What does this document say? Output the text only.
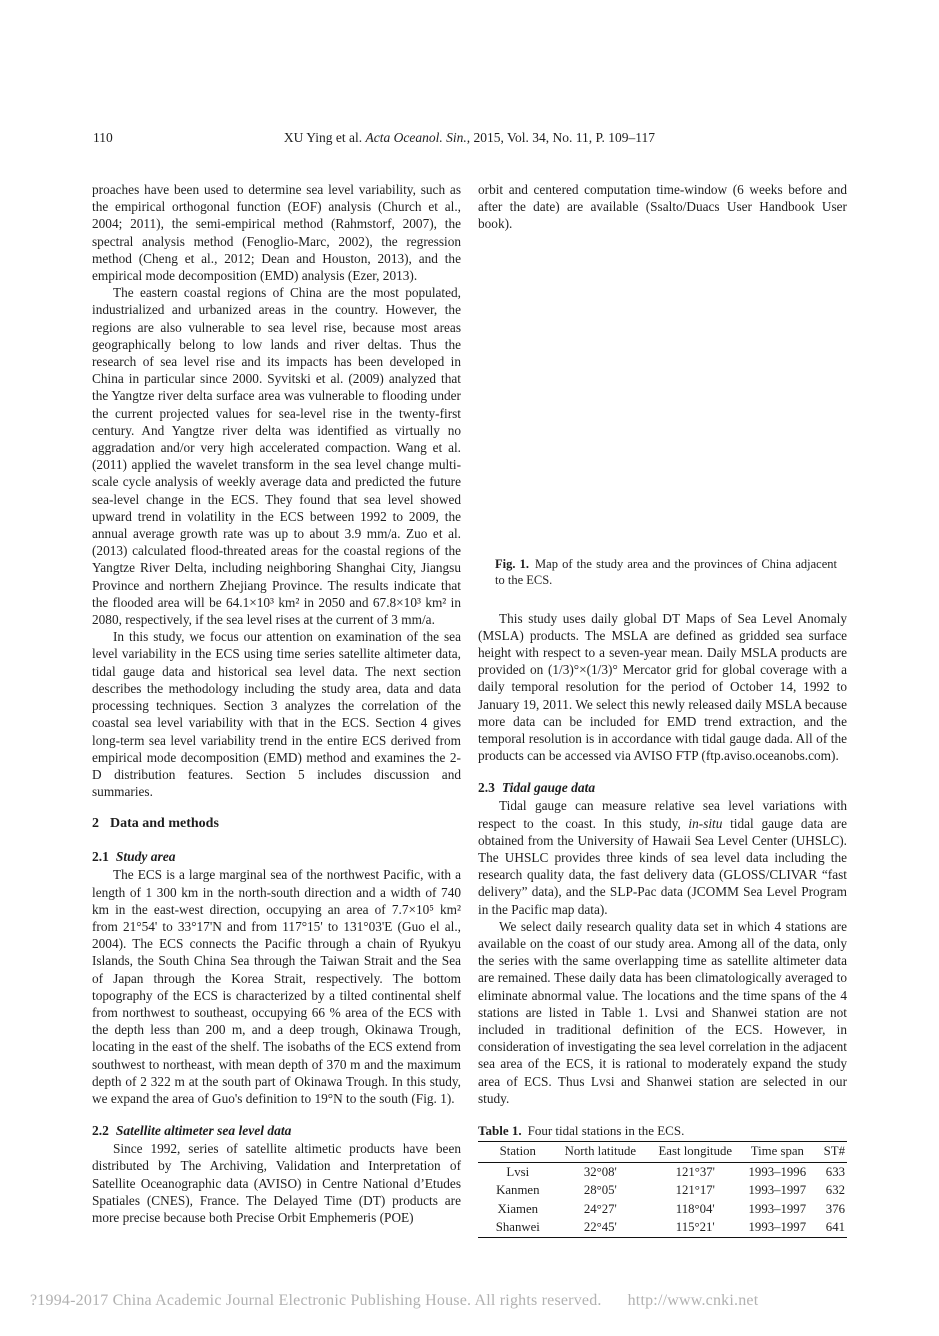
110	XU Ying et al. Acta Oceanol. Sin., 2015, Vol. 34, No. 11, P. 109–117

proaches have been used to determine sea level variability, such as the empirical orthogonal function (EOF) analysis (Church et al., 2004; 2011), the semi-empirical method (Rahmstorf, 2007), the spectral analysis method (Fenoglio-Marc, 2002), the regression method (Cheng et al., 2012; Dean and Houston, 2013), and the empirical mode decomposition (EMD) analysis (Ezer, 2013).

The eastern coastal regions of China are the most populated, industrialized and urbanized areas in the country. However, the regions are also vulnerable to sea level rise, because most areas geographically belong to low lands and river deltas. Thus the research of sea level rise and its impacts has been developed in China in particular since 2000. Syvitski et al. (2009) analyzed that the Yangtze river delta surface area was vulnerable to flooding under the current projected values for sea-level rise in the twenty-first century. And Yangtze river delta was identified as virtually no aggradation and/or very high accelerated compaction. Wang et al. (2011) applied the wavelet transform in the sea level change multi-scale cycle analysis of weekly average data and predicted the future sea-level change in the ECS. They found that sea level showed upward trend in volatility in the ECS between 1992 to 2009, the annual average growth rate was up to about 3.9 mm/a. Zuo et al. (2013) calculated flood-threated areas for the coastal regions of the Yangtze River Delta, including neighboring Shanghai City, Jiangsu Province and northern Zhejiang Province. The results indicate that the flooded area will be 64.1×10³ km² in 2050 and 67.8×10³ km² in 2080, respectively, if the sea level rises at the current of 3 mm/a.

In this study, we focus our attention on examination of the sea level variability in the ECS using time series satellite altimeter data, tidal gauge data and historical sea level data. The next section describes the methodology including the study area, data and data processing techniques. Section 3 analyzes the correlation of the coastal sea level variability with that in the ECS. Section 4 gives long-term sea level variability trend in the entire ECS derived from empirical mode decomposition (EMD) method and examines the 2-D distribution features. Section 5 includes discussion and summaries.

2 Data and methods
2.1 Study area

The ECS is a large marginal sea of the northwest Pacific, with a length of 1 300 km in the north-south direction and a width of 740 km in the east-west direction, occupying an area of 7.7×10⁵ km² from 21°54' to 33°17'N and from 117°15' to 131°03'E (Guo el al., 2004). The ECS connects the Pacific through a chain of Ryukyu Islands, the South China Sea through the Taiwan Strait and the Sea of Japan through the Korea Strait, respectively. The bottom topography of the ECS is characterized by a tilted continental shelf from northwest to southeast, occupying 66 % area of the ECS with the depth less than 200 m, and a deep trough, Okinawa Trough, locating in the east of the shelf. The isobaths of the ECS extend from southwest to northeast, with mean depth of 370 m and the maximum depth of 2 322 m at the south part of Okinawa Trough. In this study, we expand the area of Guo's definition to 19°N to the south (Fig. 1).

2.2 Satellite altimeter sea level data

Since 1992, series of satellite altimetic products have been distributed by The Archiving, Validation and Interpretation of Satellite Oceanographic data (AVISO) in Centre National d’Etudes Spatiales (CNES), France. The Delayed Time (DT) products are more precise because both Precise Orbit Emphemeris (POE)

orbit and centered computation time-window (6 weeks before and after the date) are available (Ssalto/Duacs User Handbook User book).

Fig. 1. Map of the study area and the provinces of China adjacent to the ECS.

This study uses daily global DT Maps of Sea Level Anomaly (MSLA) products. The MSLA are defined as gridded sea surface height with respect to a seven-year mean. Daily MSLA products are provided on (1/3)°×(1/3)° Mercator grid for global coverage with a daily temporal resolution for the period of October 14, 1992 to January 19, 2011. We select this newly released daily MSLA because more data can be included for EMD trend extraction, and the temporal resolution is in accordance with tidal gauge dada. All of the products can be accessed via AVISO FTP (ftp.aviso.oceanobs.com).

2.3 Tidal gauge data

Tidal gauge can measure relative sea level variations with respect to the coast. In this study, in-situ tidal gauge data are obtained from the University of Hawaii Sea Level Center (UHSLC). The UHSLC provides three kinds of sea level data including the research quality data, the fast delivery data (GLOSS/CLIVAR “fast delivery” data), and the SLP-Pac data (JCOMM Sea Level Program in the Pacific map data).

We select daily research quality data set in which 4 stations are available on the coast of our study area. Among all of the data, only the series with the same overlapping time as satellite altimeter data are remained. These daily data has been climatologically averaged to eliminate abnormal value. The locations and the time spans of the 4 stations are listed in Table 1. Lvsi and Shanwei station are not included in traditional definition of the ECS. However, in consideration of investigating the sea level correlation in the adjacent sea area of the ECS, it is rational to moderately expand the study area of ECS. Thus Lvsi and Shanwei station are selected in our study.

Table 1. Four tidal stations in the ECS.

Station	North latitude	East longitude	Time span	ST#
Lvsi	32°08'	121°37'	1993–1996	633
Kanmen	28°05'	121°17'	1993–1997	632
Xiamen	24°27'	118°04'	1993–1997	376
Shanwei	22°45'	115°21'	1993–1997	641
?1994-2017 China Academic Journal Electronic Publishing House. All rights reserved. http://www.cnki.net
